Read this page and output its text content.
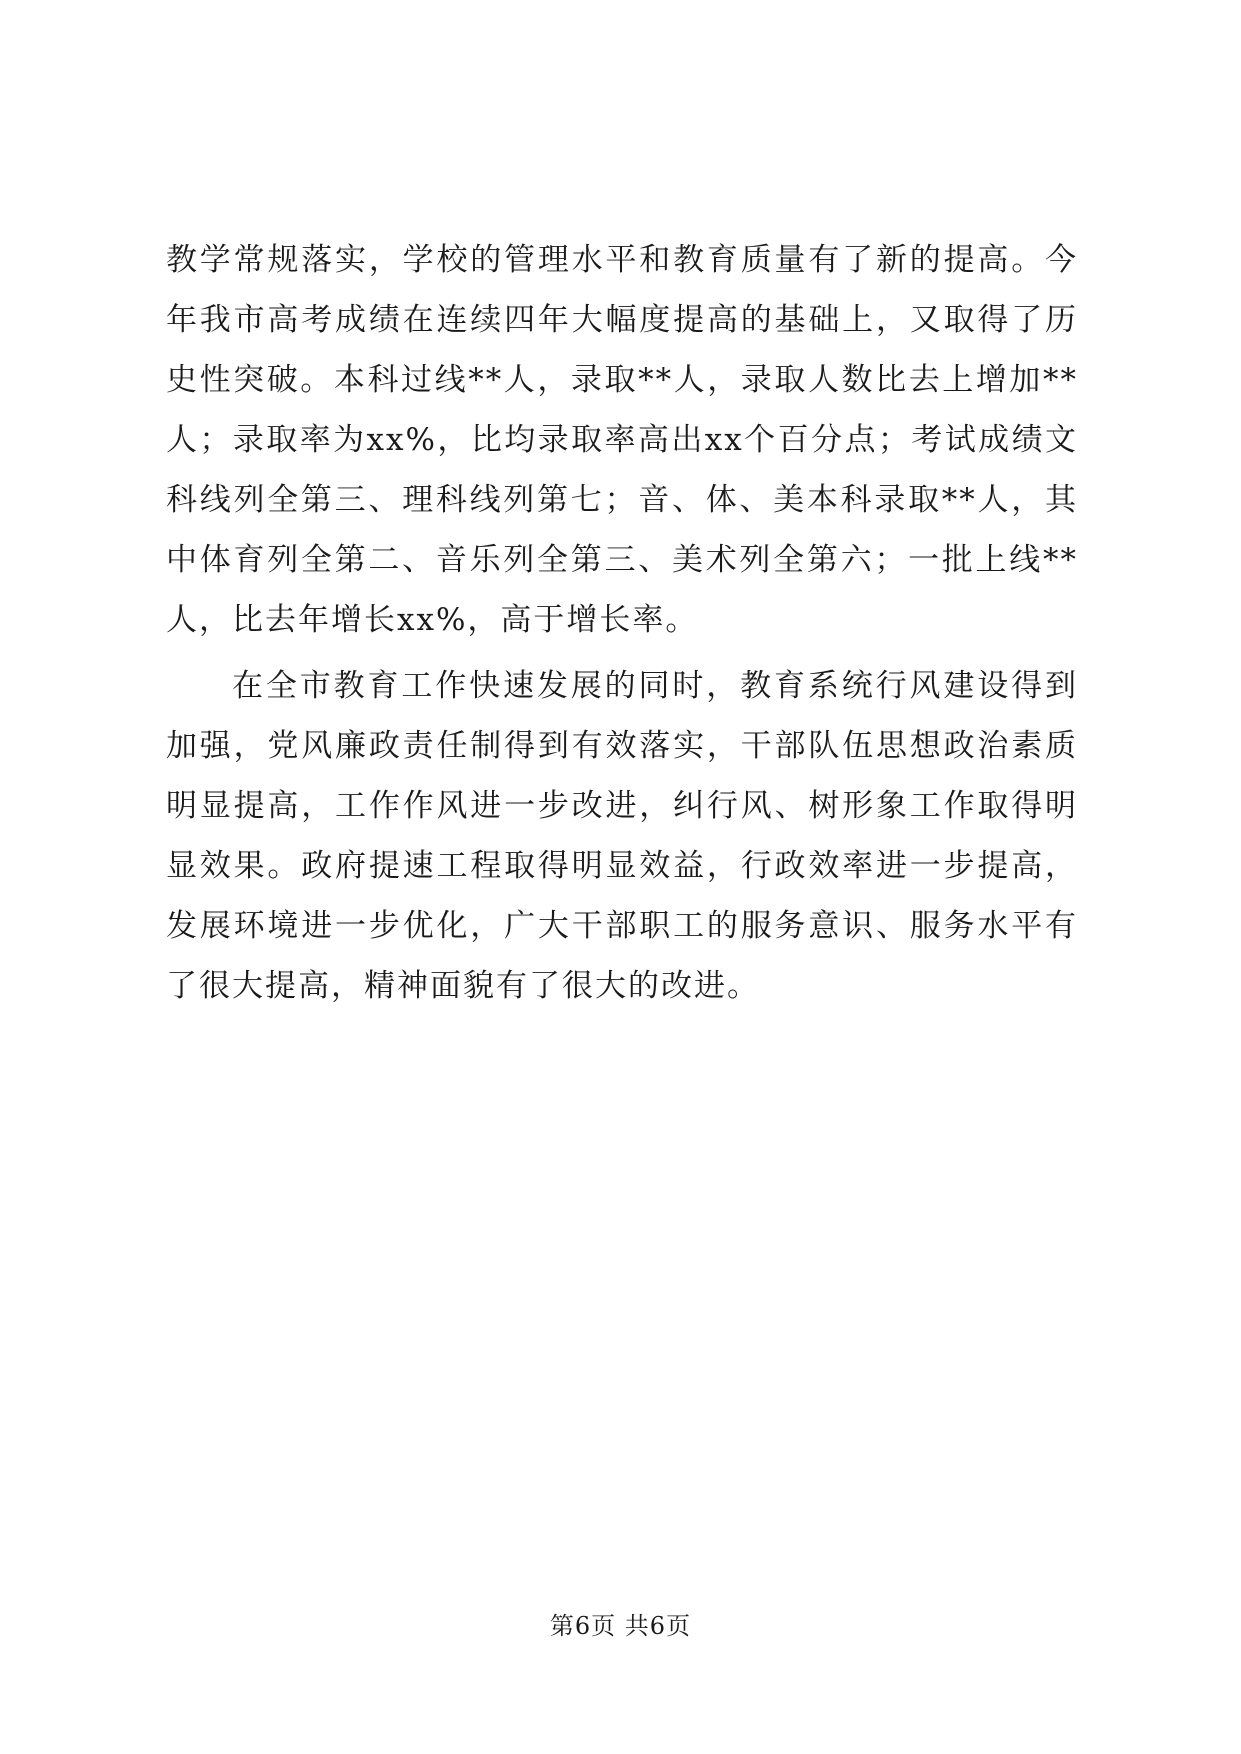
教学常规落实，学校的管理水平和教育质量有了新的提高。今年我市高考成绩在连续四年大幅度提高的基础上，又取得了历史性突破。本科过线**人，录取**人，录取人数比去上增加**人；录取率为xx%，比均录取率高出xx个百分点；考试成绩文科线列全第三、理科线列第七；音、体、美本科录取**人，其中体育列全第二、音乐列全第三、美术列全第六；一批上线**人，比去年增长xx%，高于增长率。

在全市教育工作快速发展的同时，教育系统行风建设得到加强，党风廉政责任制得到有效落实，干部队伍思想政治素质明显提高，工作作风进一步改进，纠行风、树形象工作取得明显效果。政府提速工程取得明显效益，行政效率进一步提高，发展环境进一步优化，广大干部职工的服务意识、服务水平有了很大提高，精神面貌有了很大的改进。

第6页 共6页
